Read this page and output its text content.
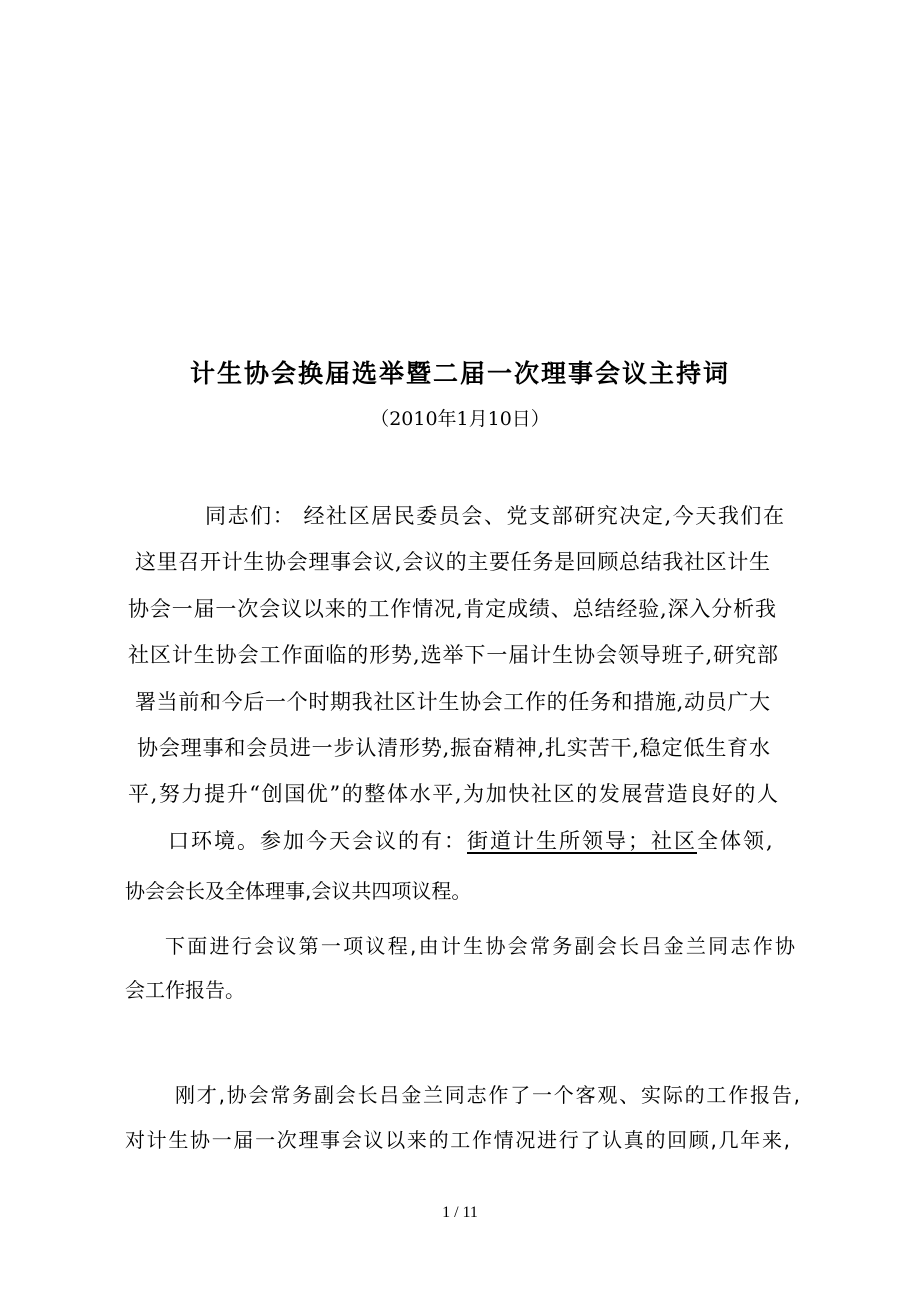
计生协会换届选举暨二届一次理事会议主持词
（2010年1月10日）
同志们： 经社区居民委员会、党支部研究决定,今天我们在
这里召开计生协会理事会议,会议的主要任务是回顾总结我社区计生
协会一届一次会议以来的工作情况,肯定成绩、总结经验,深入分析我
社区计生协会工作面临的形势,选举下一届计生协会领导班子,研究部
署当前和今后一个时期我社区计生协会工作的任务和措施,动员广大
协会理事和会员进一步认清形势,振奋精神,扎实苦干,稳定低生育水
平,努力提升“创国优”的整体水平,为加快社区的发展营造良好的人
口环境。参加今天会议的有：街道计生所领导；社区全体领,
协会会长及全体理事,会议共四项议程。
下面进行会议第一项议程,由计生协会常务副会长吕金兰同志作协
会工作报告。
刚才,协会常务副会长吕金兰同志作了一个客观、实际的工作报告,
对计生协一届一次理事会议以来的工作情况进行了认真的回顾,几年来,
1 / 11
